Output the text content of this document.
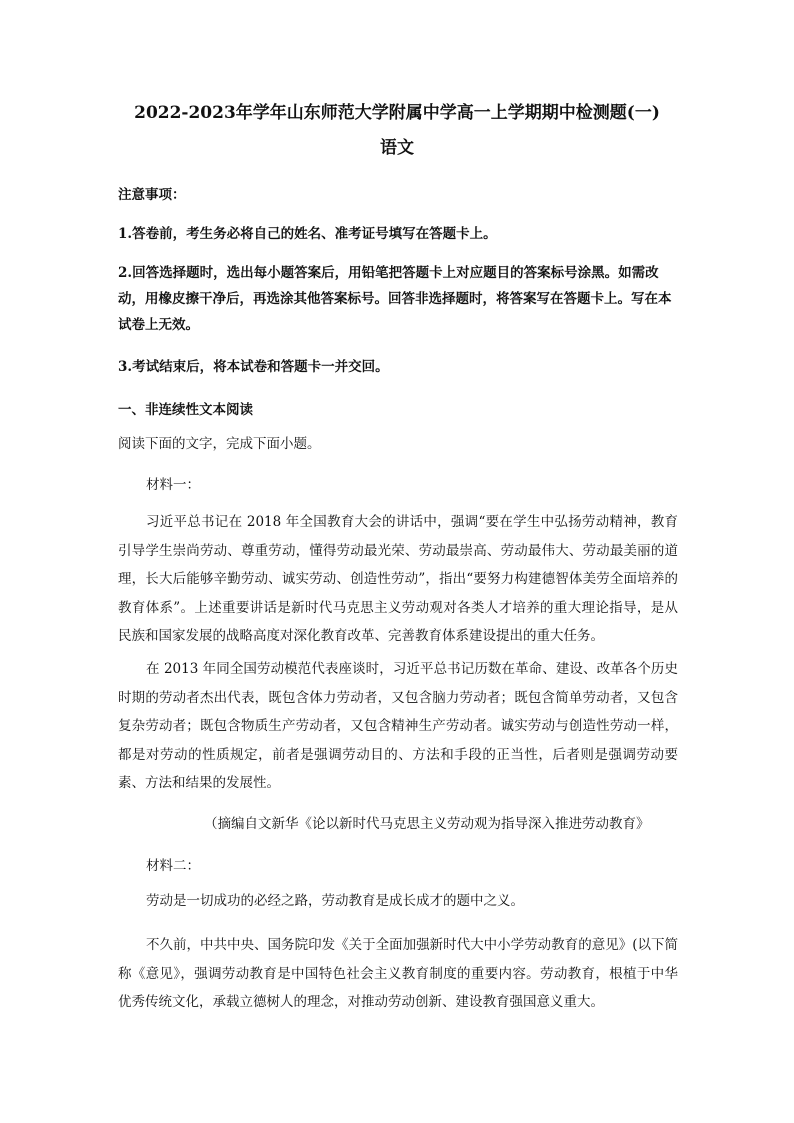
2022-2023年学年山东师范大学附属中学高一上学期期中检测题(一)
语文
注意事项：
1.答卷前，考生务必将自己的姓名、准考证号填写在答题卡上。
2.回答选择题时，选出每小题答案后，用铅笔把答题卡上对应题目的答案标号涂黑。如需改动，用橡皮擦干净后，再选涂其他答案标号。回答非选择题时，将答案写在答题卡上。写在本试卷上无效。
3.考试结束后，将本试卷和答题卡一并交回。
一、非连续性文本阅读
阅读下面的文字，完成下面小题。
材料一：
习近平总书记在 2018 年全国教育大会的讲话中，强调“要在学生中弘扬劳动精神，教育引导学生崇尚劳动、尊重劳动，懂得劳动最光荣、劳动最崇高、劳动最伟大、劳动最美丽的道理，长大后能够辛勤劳动、诚实劳动、创造性劳动”，指出“要努力构建德智体美劳全面培养的教育体系”。上述重要讲话是新时代马克思主义劳动观对各类人才培养的重大理论指导，是从民族和国家发展的战略高度对深化教育改革、完善教育体系建设提出的重大任务。
在 2013 年同全国劳动模范代表座谈时，习近平总书记历数在革命、建设、改革各个历史时期的劳动者杰出代表，既包含体力劳动者，又包含脑力劳动者；既包含简单劳动者，又包含复杂劳动者；既包含物质生产劳动者，又包含精神生产劳动者。诚实劳动与创造性劳动一样，都是对劳动的性质规定，前者是强调劳动目的、方法和手段的正当性，后者则是强调劳动要素、方法和结果的发展性。
（摘编自文新华《论以新时代马克思主义劳动观为指导深入推进劳动教育》
材料二：
劳动是一切成功的必经之路，劳动教育是成长成才的题中之义。
不久前，中共中央、国务院印发《关于全面加强新时代大中小学劳动教育的意见》(以下简称《意见》，强调劳动教育是中国特色社会主义教育制度的重要内容。劳动教育，根植于中华优秀传统文化，承载立德树人的理念，对推动劳动创新、建设教育强国意义重大。
